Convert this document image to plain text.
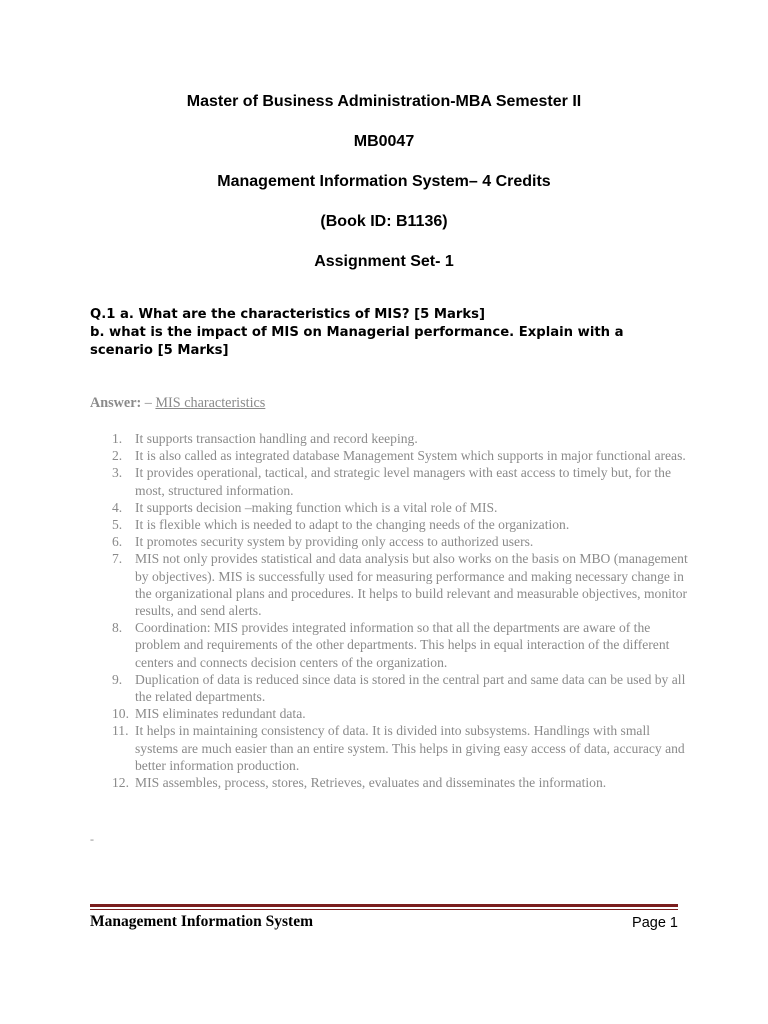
Master of Business Administration-MBA Semester II
MB0047
Management Information System– 4 Credits
(Book ID: B1136)
Assignment Set- 1
Q.1 a. What are the characteristics of MIS? [5 Marks]
b. what is the impact of MIS on Managerial performance. Explain with a scenario [5 Marks]
Answer: – MIS characteristics
1. It supports transaction handling and record keeping.
2. It is also called as integrated database Management System which supports in major functional areas.
3. It provides operational, tactical, and strategic level managers with east access to timely but, for the most, structured information.
4. It supports decision –making function which is a vital role of MIS.
5. It is flexible which is needed to adapt to the changing needs of the organization.
6. It promotes security system by providing only access to authorized users.
7. MIS not only provides statistical and data analysis but also works on the basis on MBO (management by objectives). MIS is successfully used for measuring performance and making necessary change in the organizational plans and procedures. It helps to build relevant and measurable objectives, monitor results, and send alerts.
8. Coordination: MIS provides integrated information so that all the departments are aware of the problem and requirements of the other departments. This helps in equal interaction of the different centers and connects decision centers of the organization.
9. Duplication of data is reduced since data is stored in the central part and same data can be used by all the related departments.
10. MIS eliminates redundant data.
11. It helps in maintaining consistency of data. It is divided into subsystems. Handlings with small systems are much easier than an entire system. This helps in giving easy access of data, accuracy and better information production.
12. MIS assembles, process, stores, Retrieves, evaluates and disseminates the information.
-
Management Information System	Page 1
